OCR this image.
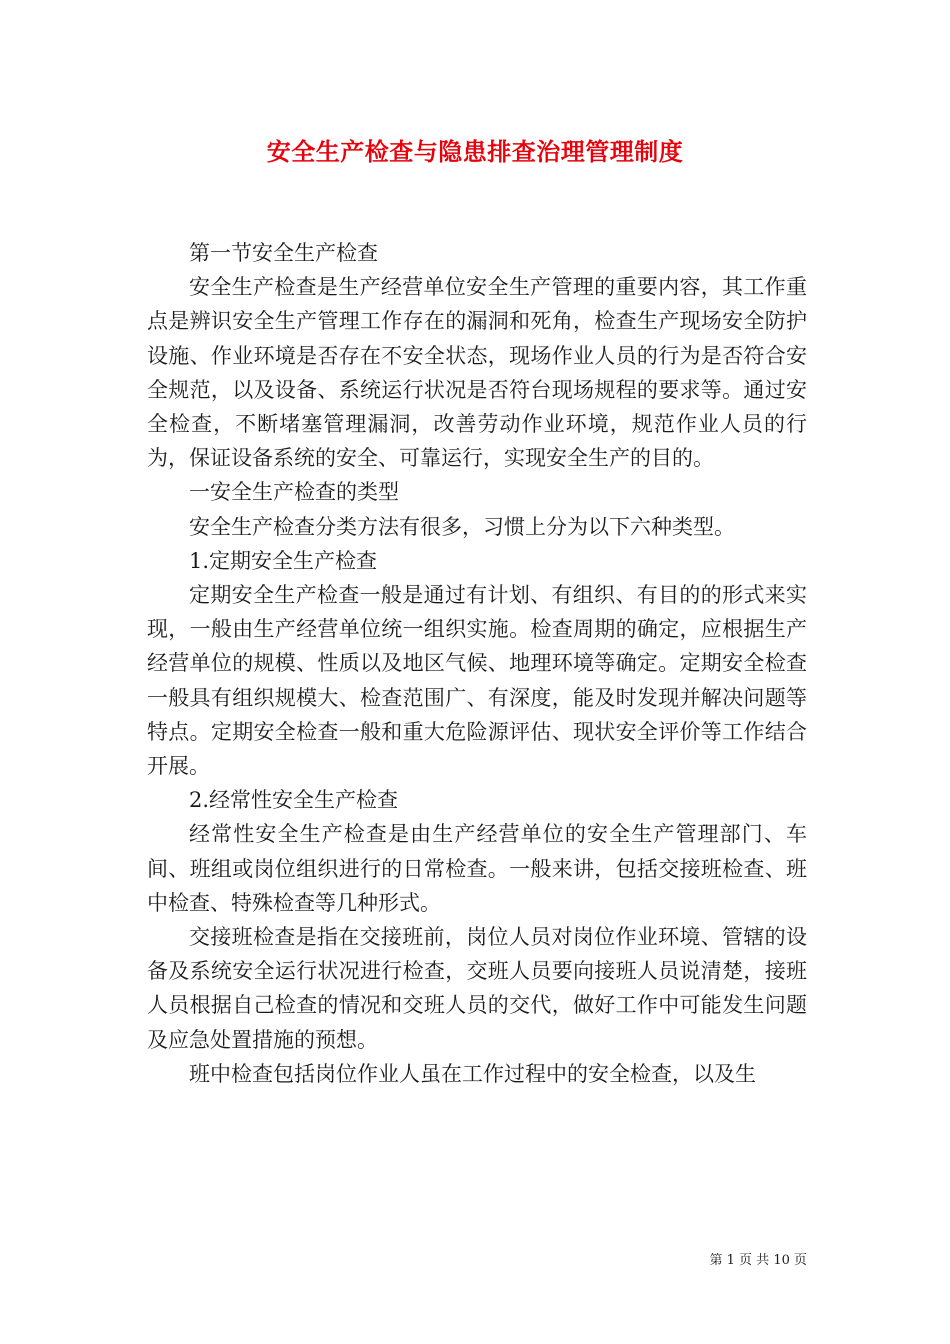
安全生产检查与隐患排查治理管理制度

第一节安全生产检查

安全生产检查是生产经营单位安全生产管理的重要内容，其工作重点是辨识安全生产管理工作存在的漏洞和死角，检查生产现场安全防护设施、作业环境是否存在不安全状态，现场作业人员的行为是否符合安全规范，以及设备、系统运行状况是否符台现场规程的要求等。通过安全检查，不断堵塞管理漏洞，改善劳动作业环境，规范作业人员的行为，保证设备系统的安全、可靠运行，实现安全生产的目的。

一安全生产检查的类型

安全生产检查分类方法有很多，习惯上分为以下六种类型。

1.定期安全生产检查

定期安全生产检查一般是通过有计划、有组织、有目的的形式来实现，一般由生产经营单位统一组织实施。检查周期的确定，应根据生产经营单位的规模、性质以及地区气候、地理环境等确定。定期安全检查一般具有组织规模大、检查范围广、有深度，能及时发现并解决问题等特点。定期安全检查一般和重大危险源评估、现状安全评价等工作结合开展。

2.经常性安全生产检查

经常性安全生产检查是由生产经营单位的安全生产管理部门、车间、班组或岗位组织进行的日常检查。一般来讲，包括交接班检查、班中检查、特殊检查等几种形式。

交接班检查是指在交接班前，岗位人员对岗位作业环境、管辖的设备及系统安全运行状况进行检查，交班人员要向接班人员说清楚，接班人员根据自己检查的情况和交班人员的交代，做好工作中可能发生问题及应急处置措施的预想。

班中检查包括岗位作业人虽在工作过程中的安全检查，以及生

第 1 页 共 10 页
